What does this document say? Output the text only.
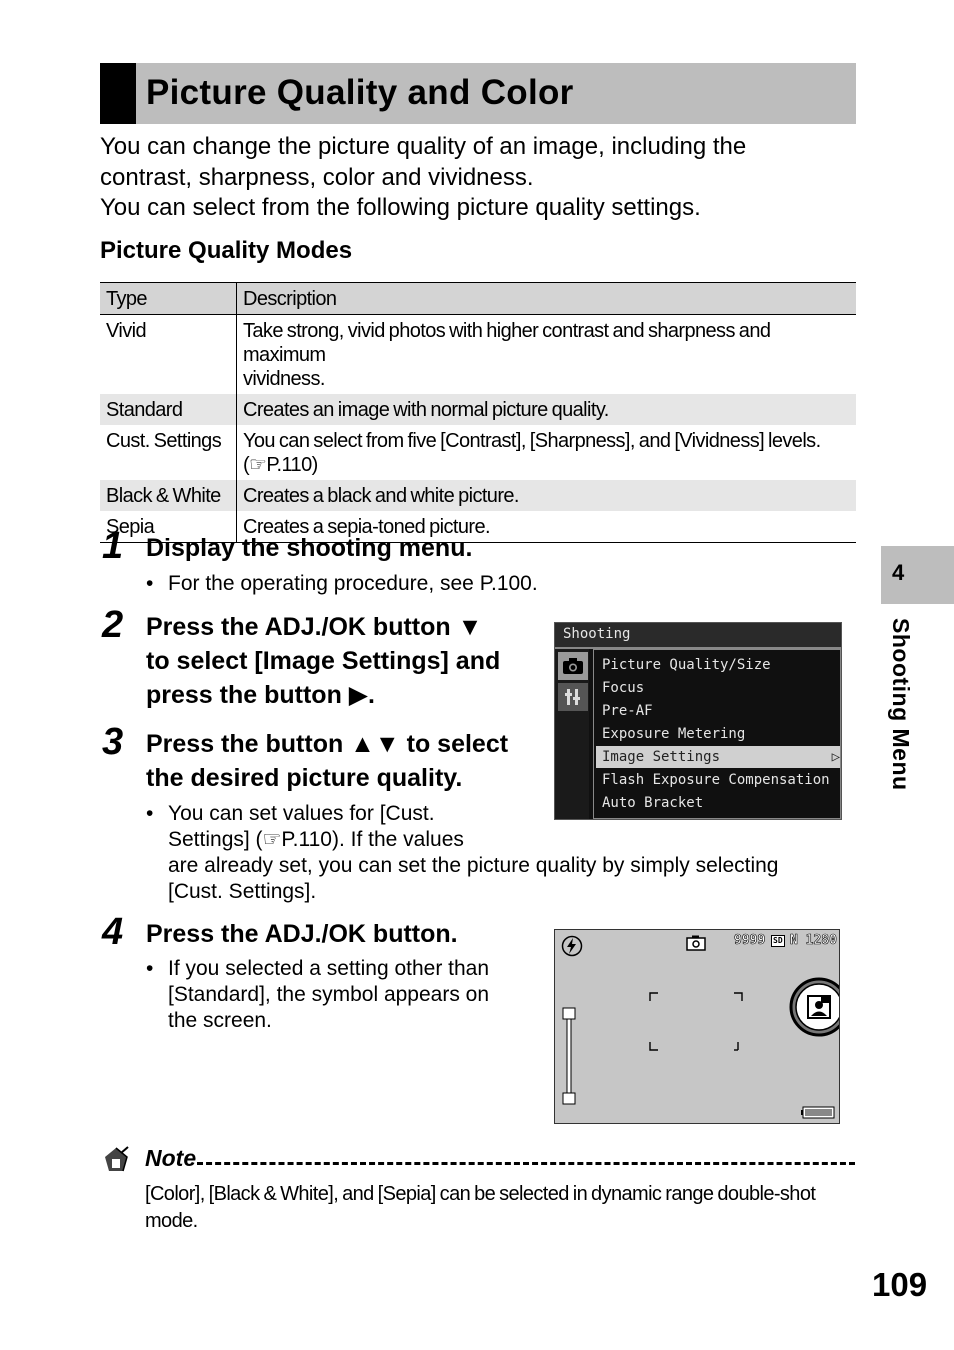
Picture Quality and Color
You can change the picture quality of an image, including the
contrast, sharpness, color and vividness.
You can select from the following picture quality settings.
Picture Quality Modes
Type	Description
Vivid	Take strong, vivid photos with higher contrast and sharpness and maximum
vividness.
Standard	Creates an image with normal picture quality.
Cust. Settings	You can select from five [Contrast], [Sharpness], and [Vividness] levels.
(☞P.110)
Black & White	Creates a black and white picture.
Sepia	Creates a sepia-toned picture.
1 Display the shooting menu.
• For the operating procedure, see P.100.
2 Press the ADJ./OK button ▼
to select [Image Settings] and
press the button ▶.
3 Press the button ▲▼ to select
the desired picture quality.
• You can set values for [Cust.
Settings] (☞P.110). If the values
are already set, you can set the picture quality by simply selecting
[Cust. Settings].
4 Press the ADJ./OK button.
• If you selected a setting other than
[Standard], the symbol appears on
the screen.
Shooting
Picture Quality/Size
Focus
Pre-AF
Exposure Metering
Image Settings	▷
Flash Exposure Compensation
Auto Bracket
9999 SD N 1280
4
Shooting Menu
Note
[Color], [Black & White], and [Sepia] can be selected in dynamic range double-shot
mode.
109
